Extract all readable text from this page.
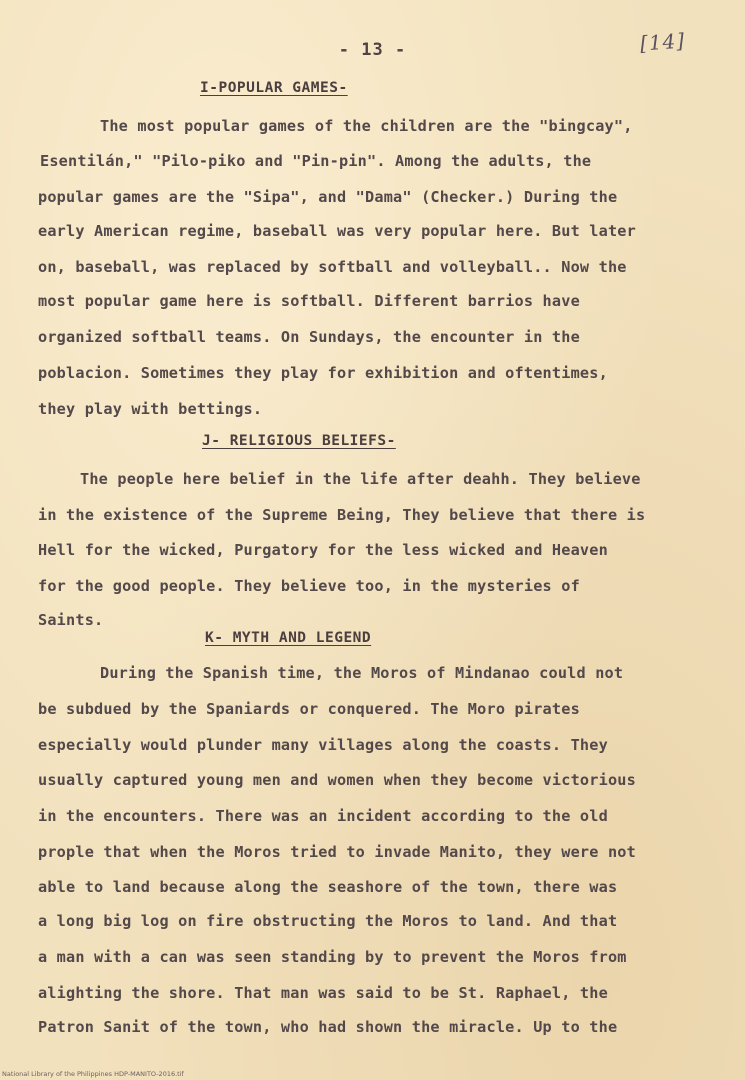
- 13 -	[14]
I-POPULAR GAMES-
The most popular games of the children are the "bingcay",
Esentilán," "Pilo-piko and "Pin-pin". Among the adults, the
popular games are the "Sipa", and "Dama" (Checker.) During the
early American regime, baseball was very popular here. But later
on, baseball, was replaced by softball and volleyball.. Now the
most popular game here is softball. Different barrios have
organized softball teams. On Sundays, the encounter in the
poblacion. Sometimes they play for exhibition and oftentimes,
they play with bettings.
J- RELIGIOUS BELIEFS-
The people here belief in the life after deahh. They believe
in the existence of the Supreme Being, They believe that there is
Hell for the wicked, Purgatory for the less wicked and Heaven
for the good people. They believe too, in the mysteries of
Saints.
K- MYTH AND LEGEND
During the Spanish time, the Moros of Mindanao could not
be subdued by the Spaniards or conquered. The Moro pirates
especially would plunder many villages along the coasts. They
usually captured young men and women when they become victorious
in the encounters. There was an incident according to the old
prople that when the Moros tried to invade Manito, they were not
able to land because along the seashore of the town, there was
a long big log on fire obstructing the Moros to land. And that
a man with a can was seen standing by to prevent the Moros from
alighting the shore. That man was said to be St. Raphael, the
Patron Sanit of the town, who had shown the miracle. Up to the
National Library of the Philippines HDP-MANITO-2016.tif
